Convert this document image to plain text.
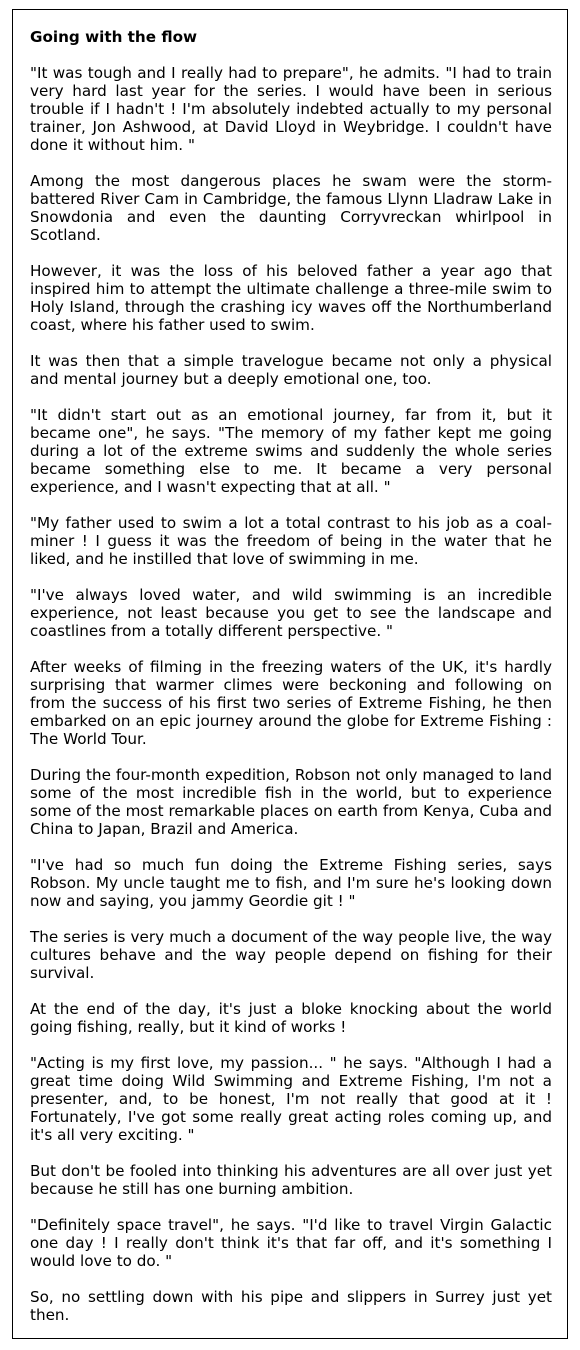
Going with the flow

"It was tough and I really had to prepare", he admits. "I had to train very hard last year for the series. I would have been in serious trouble if I hadn't ! I'm absolutely indebted actually to my personal trainer, Jon Ashwood, at David Lloyd in Weybridge. I couldn't have done it without him. "

Among the most dangerous places he swam were the storm-battered River Cam in Cambridge, the famous Llynn Lladraw Lake in Snowdonia and even the daunting Corryvreckan whirlpool in Scotland.

However, it was the loss of his beloved father a year ago that inspired him to attempt the ultimate challenge a three-mile swim to Holy Island, through the crashing icy waves off the Northumberland coast, where his father used to swim.

It was then that a simple travelogue became not only a physical and mental journey but a deeply emotional one, too.

"It didn't start out as an emotional journey, far from it, but it became one", he says. "The memory of my father kept me going during a lot of the extreme swims and suddenly the whole series became something else to me. It became a very personal experience, and I wasn't expecting that at all. "

"My father used to swim a lot a total contrast to his job as a coal-miner ! I guess it was the freedom of being in the water that he liked, and he instilled that love of swimming in me.

"I've always loved water, and wild swimming is an incredible experience, not least because you get to see the landscape and coastlines from a totally different perspective. "

After weeks of filming in the freezing waters of the UK, it's hardly surprising that warmer climes were beckoning and following on from the success of his first two series of Extreme Fishing, he then embarked on an epic journey around the globe for Extreme Fishing : The World Tour.

During the four-month expedition, Robson not only managed to land some of the most incredible fish in the world, but to experience some of the most remarkable places on earth from Kenya, Cuba and China to Japan, Brazil and America.

"I've had so much fun doing the Extreme Fishing series, says Robson. My uncle taught me to fish, and I'm sure he's looking down now and saying, you jammy Geordie git ! "

The series is very much a document of the way people live, the way cultures behave and the way people depend on fishing for their survival.

At the end of the day, it's just a bloke knocking about the world going fishing, really, but it kind of works !

"Acting is my first love, my passion... " he says. "Although I had a great time doing Wild Swimming and Extreme Fishing, I'm not a presenter, and, to be honest, I'm not really that good at it ! Fortunately, I've got some really great acting roles coming up, and it's all very exciting. "

But don't be fooled into thinking his adventures are all over just yet because he still has one burning ambition.

"Definitely space travel", he says. "I'd like to travel Virgin Galactic one day ! I really don't think it's that far off, and it's something I would love to do. "

So, no settling down with his pipe and slippers in Surrey just yet then.
